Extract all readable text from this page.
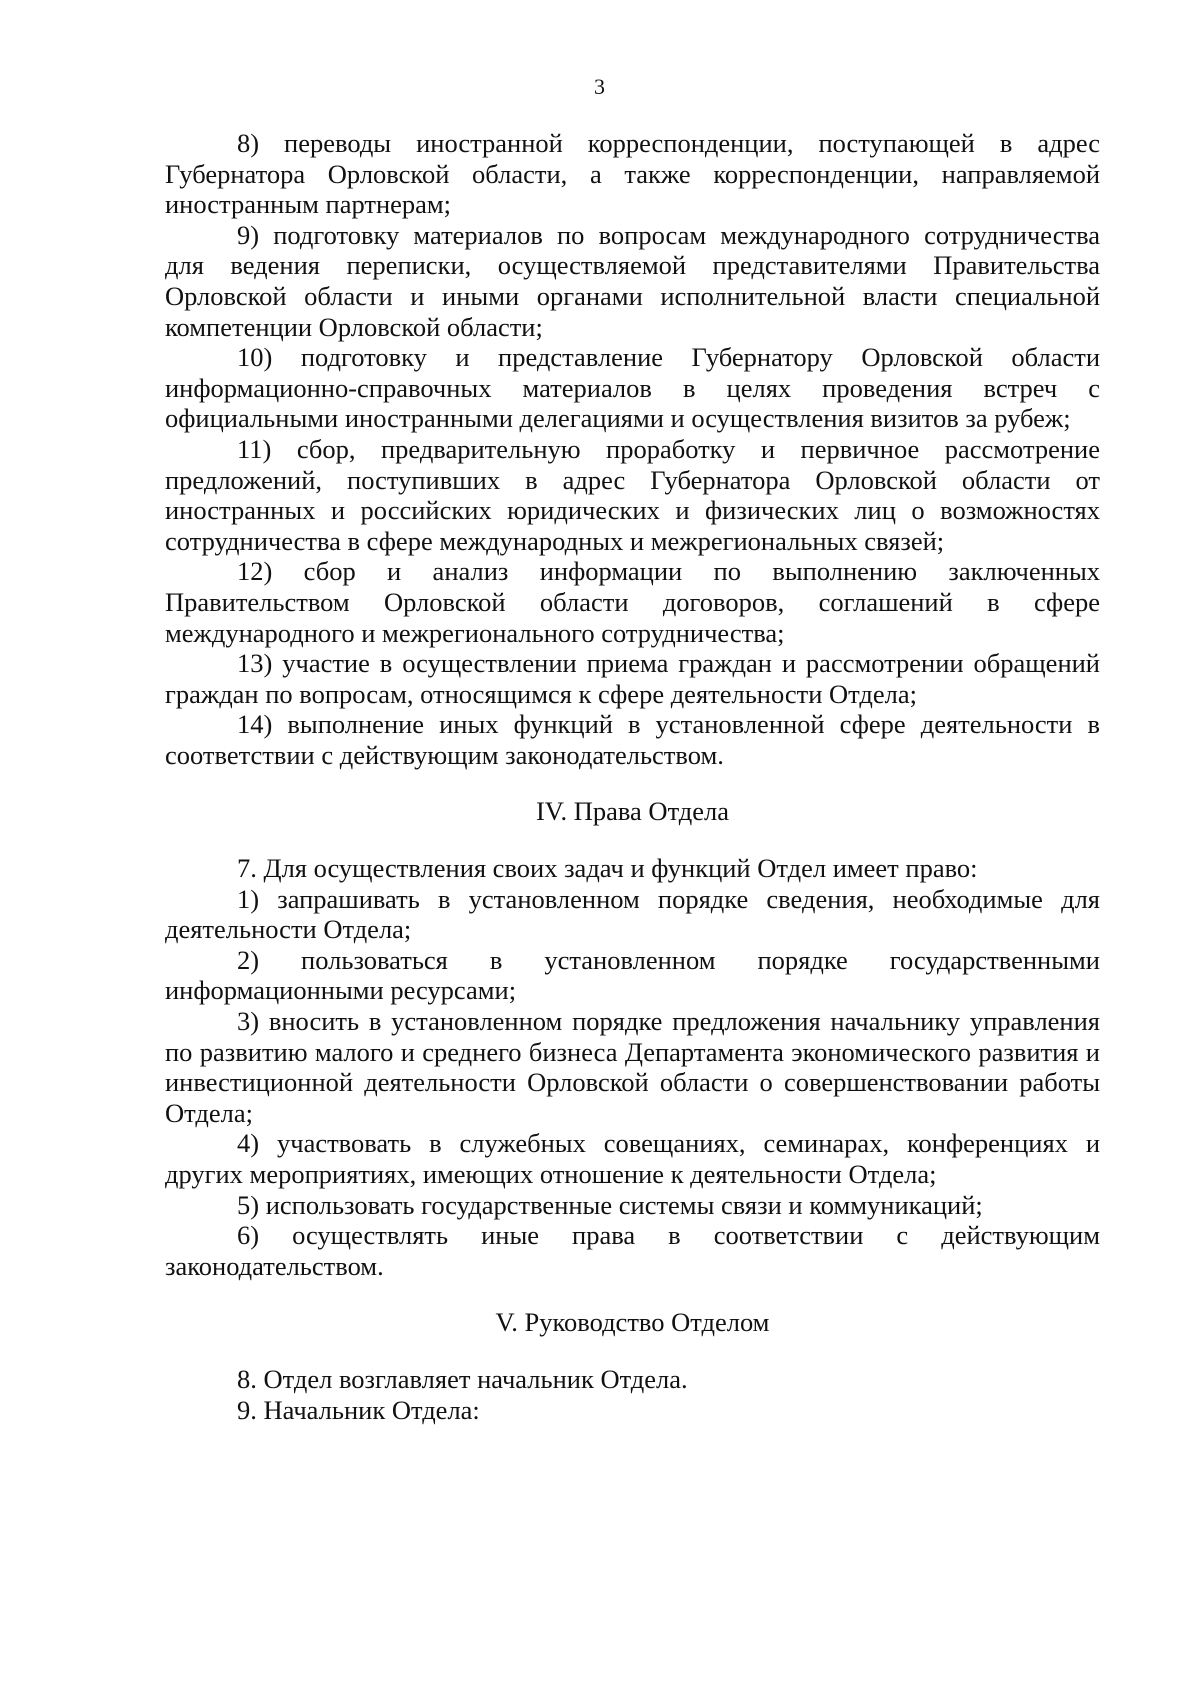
3

8) переводы иностранной корреспонденции, поступающей в адрес Губернатора Орловской области, а также корреспонденции, направляемой иностранным партнерам;

9) подготовку материалов по вопросам международного сотрудничества для ведения переписки, осуществляемой представителями Правительства Орловской области и иными органами исполнительной власти специальной компетенции Орловской области;

10) подготовку и представление Губернатору Орловской области информационно-справочных материалов в целях проведения встреч с официальными иностранными делегациями и осуществления визитов за рубеж;

11) сбор, предварительную проработку и первичное рассмотрение предложений, поступивших в адрес Губернатора Орловской области от иностранных и российских юридических и физических лиц о возможностях сотрудничества в сфере международных и межрегиональных связей;

12) сбор и анализ информации по выполнению заключенных Правительством Орловской области договоров, соглашений в сфере международного и межрегионального сотрудничества;

13) участие в осуществлении приема граждан и рассмотрении обращений граждан по вопросам, относящимся к сфере деятельности Отдела;

14) выполнение иных функций в установленной сфере деятельности в соответствии с действующим законодательством.

IV. Права Отдела

7. Для осуществления своих задач и функций Отдел имеет право:

1) запрашивать в установленном порядке сведения, необходимые для деятельности Отдела;

2) пользоваться в установленном порядке государственными информационными ресурсами;

3) вносить в установленном порядке предложения начальнику управления по развитию малого и среднего бизнеса Департамента экономического развития и инвестиционной деятельности Орловской области о совершенствовании работы Отдела;

4) участвовать в служебных совещаниях, семинарах, конференциях и других мероприятиях, имеющих отношение к деятельности Отдела;

5) использовать государственные системы связи и коммуникаций;

6) осуществлять иные права в соответствии с действующим законодательством.

V. Руководство Отделом

8. Отдел возглавляет начальник Отдела.

9. Начальник Отдела:
